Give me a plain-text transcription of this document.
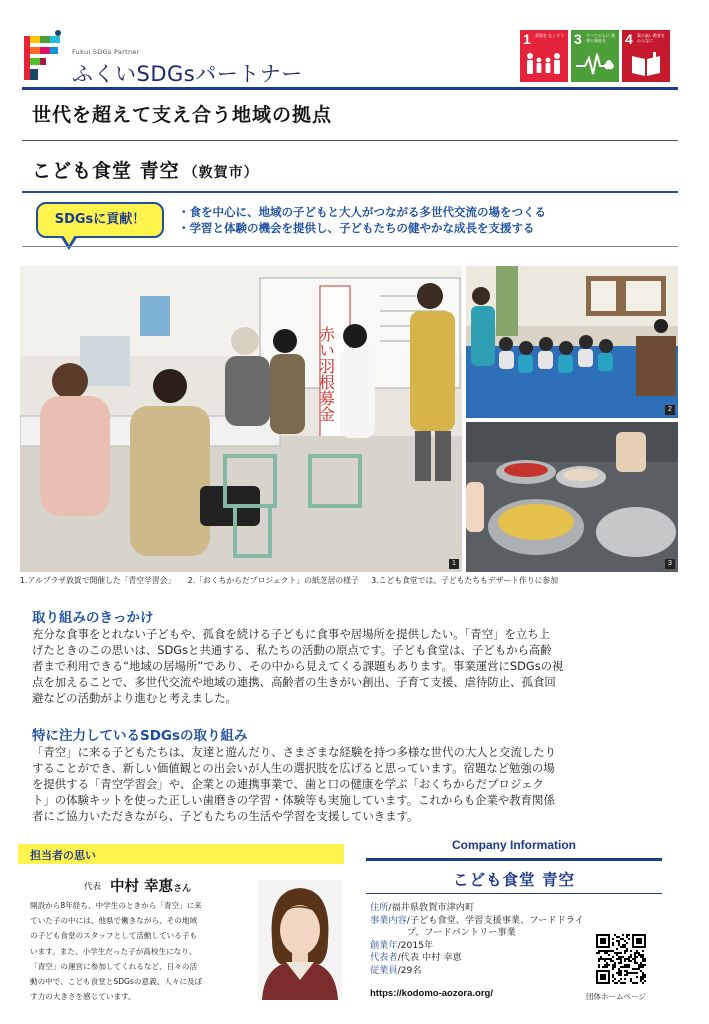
Fukui SDGs Partner
ふくいSDGsパートナー
1 貧困を なくそう 3 すべての人に 健康と福祉を	4 質の高い教育を みんなに
世代を超えて支え合う地域の拠点
こども食堂 青空 （敦賀市）
SDGsに貢献！	・食を中心に、地域の子どもと大人がつながる多世代交流の場をつくる
・学習と体験の機会を提供し、子どもたちの健やかな成長を支援する
赤い羽根募金
1
2
3
1.アルプラザ敦賀で開催した「青空学習会」 2.「おくちからだプロジェクト」の紙芝居の様子 3.こども食堂では、子どもたちもデザート作りに参加
取り組みのきっかけ
充分な食事をとれない子どもや、孤食を続ける子どもに食事や居場所を提供したい。「青空」を立ち上
げたときのこの思いは、SDGsと共通する、私たちの活動の原点です。子ども食堂は、子どもから高齢
者まで利用できる“地域の居場所”であり、その中から見えてくる課題もあります。事業運営にSDGsの視
点を加えることで、多世代交流や地域の連携、高齢者の生きがい創出、子育て支援、虐待防止、孤食回
避などの活動がより進むと考えました。
特に注力しているSDGsの取り組み
「青空」に来る子どもたちは、友達と遊んだり、さまざまな経験を持つ多様な世代の大人と交流したり
することができ、新しい価値観との出会いが人生の選択肢を広げると思っています。宿題など勉強の場
を提供する「青空学習会」や、企業との連携事業で、歯と口の健康を学ぶ「おくちからだプロジェク
ト」の体験キットを使った正しい歯磨きの学習・体験等も実施しています。これからも企業や教育関係
者にご協力いただきながら、子どもたちの生活や学習を支援していきます。
担当者の思い
代表 中村 幸恵さん
開設から8年経ち、中学生のときから「青空」に来
ていた子の中には、他県で働きながら、その地域
の子ども食堂のスタッフとして活動している子も
います。また、小学生だった子が高校生になり、
「青空」の運営に参加してくれるなど、日々の活
動の中で、こども食堂とSDGsの意義、人々に及ぼ
す力の大きさを感じています。
Company Information
こども食堂 青空
住所 / 福井県敦賀市津内町
事業内容 / 子ども食堂、学習支援事業、フードドライ
　　　　プ、フードパントリー事業
創業年 / 2015年
代表者 / 代表 中村 幸恵
従業員 / 29名
https://kodomo-aozora.org/	団体ホームページ
